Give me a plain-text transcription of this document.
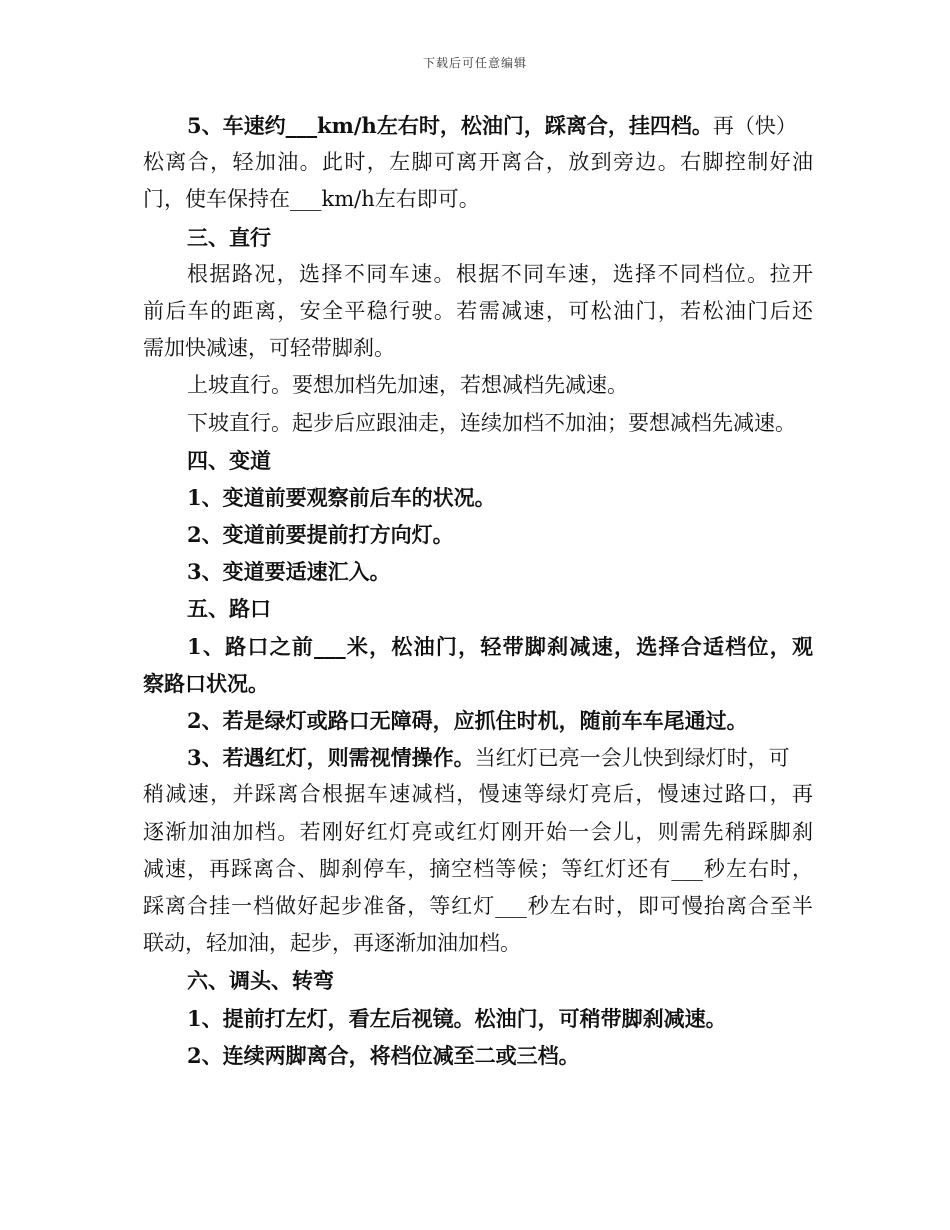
下载后可任意编辑
5、车速约___km/h左右时，松油门，踩离合，挂四档。再（快）
松离合，轻加油。此时，左脚可离开离合，放到旁边。右脚控制好油
门，使车保持在___km/h左右即可。
三、直行
根据路况，选择不同车速。根据不同车速，选择不同档位。拉开
前后车的距离，安全平稳行驶。若需减速，可松油门，若松油门后还
需加快减速，可轻带脚刹。
上坡直行。要想加档先加速，若想减档先减速。
下坡直行。起步后应跟油走，连续加档不加油；要想减档先减速。
四、变道
1、变道前要观察前后车的状况。
2、变道前要提前打方向灯。
3、变道要适速汇入。
五、路口
1、路口之前___米，松油门，轻带脚刹减速，选择合适档位，观
察路口状况。
2、若是绿灯或路口无障碍，应抓住时机，随前车车尾通过。
3、若遇红灯，则需视情操作。当红灯已亮一会儿快到绿灯时，可
稍减速，并踩离合根据车速减档，慢速等绿灯亮后，慢速过路口，再
逐渐加油加档。若刚好红灯亮或红灯刚开始一会儿，则需先稍踩脚刹
减速，再踩离合、脚刹停车，摘空档等候；等红灯还有___秒左右时，
踩离合挂一档做好起步准备，等红灯___秒左右时，即可慢抬离合至半
联动，轻加油，起步，再逐渐加油加档。
六、调头、转弯
1、提前打左灯，看左后视镜。松油门，可稍带脚刹减速。
2、连续两脚离合，将档位减至二或三档。
